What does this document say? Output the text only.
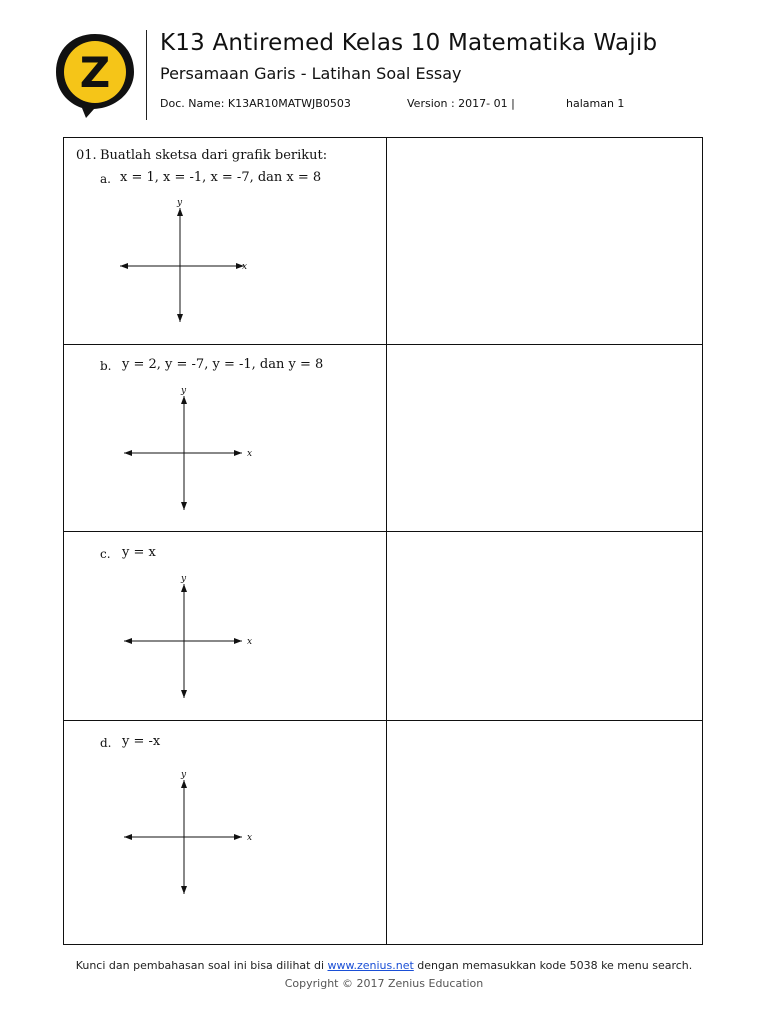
Z
K13 Antiremed Kelas 10 Matematika Wajib
Persamaan Garis - Latihan Soal Essay
Doc. Name: K13AR10MATWJB0503	Version : 2017- 01 |	halaman 1
01. Buatlah sketsa dari grafik berikut:
a. x = 1, x = -1, x = -7, dan x = 8
y
x
b. y = 2, y = -7, y = -1, dan y = 8
y
x
c. y = x
y
x
d. y = -x
y
x
Kunci dan pembahasan soal ini bisa dilihat di www.zenius.net dengan memasukkan kode 5038 ke menu search.
Copyright © 2017 Zenius Education
